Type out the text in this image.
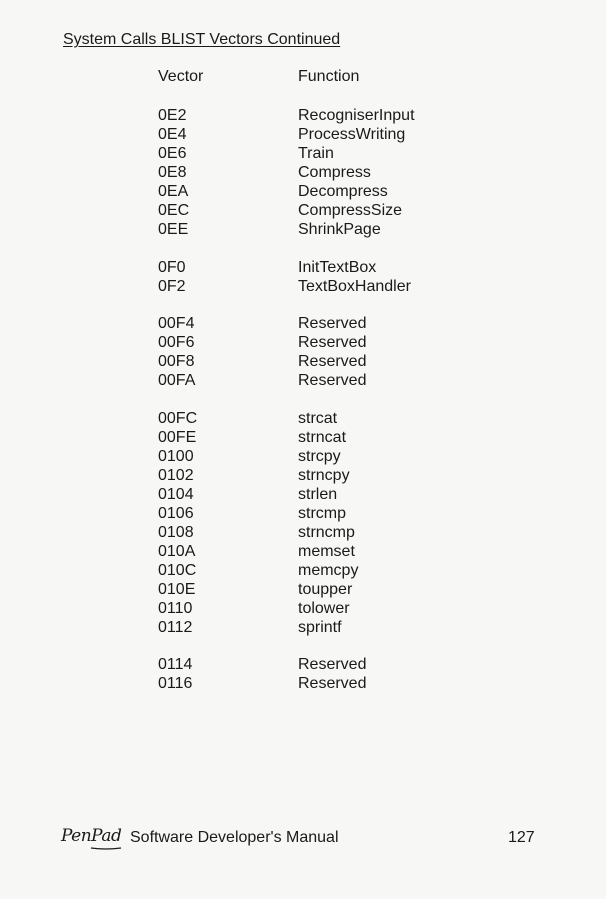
System Calls BLIST Vectors Continued
Vector	Function
0E2	RecogniserInput
0E4	ProcessWriting
0E6	Train
0E8	Compress
0EA	Decompress
0EC	CompressSize
0EE	ShrinkPage
0F0	InitTextBox
0F2	TextBoxHandler
00F4	Reserved
00F6	Reserved
00F8	Reserved
00FA	Reserved
00FC	strcat
00FE	strncat
0100	strcpy
0102	strncpy
0104	strlen
0106	strcmp
0108	strncmp
010A	memset
010C	memcpy
010E	toupper
0110	tolower
0112	sprintf
0114	Reserved
0116	Reserved
PenPad Software Developer's Manual	127
